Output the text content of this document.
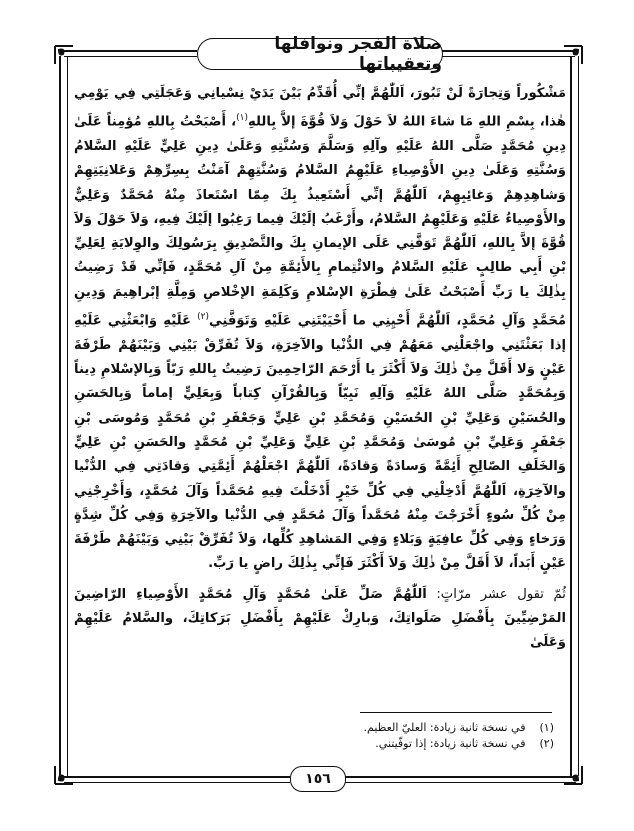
صلاة الفجر ونوافلها وتعقيباتها

مَشْكُوراً وَتِجارَةً لَنْ تَبُورَ، اَللّٰهُمَّ إنِّي أُقَدِّمُ بَيْنَ يَدَيْ نِسْيانِي وَعَجَلَتِي فِي يَوْمِي هٰذا، بِسْمِ اللهِ مَا شاءَ اللهُ لاَ حَوْلَ وَلاَ قُوَّةَ إلاَّ بِاللهِ$^{(١)}$، أَصْبَحْتُ بِاللهِ مُؤمِناً عَلَىٰ دِينِ مُحَمَّدٍ صَلَّى اللهُ عَلَيْهِ وآلِهِ وَسَلَّمَ وَسُنَّتِهِ وَعَلَىٰ دِينِ عَلِيٍّ عَلَيْهِ السَّلامُ وَسُنَّتِهِ وَعَلَىٰ دِينِ الأَوْصِياءِ عَلَيْهِمُ السَّلامُ وَسُنَّتِهِمْ آمَنْتُ بِسِرِّهِمْ وَعَلانِيَتِهِمْ وَشاهِدِهِمْ وَغائِبِهِمْ، اَللّٰهُمَّ إنِّي أَسْتَعِيذُ بِكَ مِمّا اسْتَعاذَ مِنْهُ مُحَمَّدٌ وَعَلِيٌّ والأَوْصِياءُ عَلَيْهِ وَعَلَيْهِمُ السَّلامُ، وأَرْغَبُ إلَيْكَ فِيما رَغِبُوا إلَيْكَ فِيهِ، وَلاَ حَوْلَ وَلاَ قُوَّةَ إلاَّ بِاللهِ، اَللّٰهُمَّ تَوَفَّنِي عَلَى الإيمانِ بِكَ والتَّصْدِيقِ بِرَسُولِكَ والوِلايَةِ لِعَلِيِّ بْنِ أَبِي طالِبٍ عَلَيْهِ السَّلامُ والائْتِمامِ بِالأَئِمَّةِ مِنْ آلِ مُحَمَّدٍ، فَإنِّي قَدْ رَضِيتُ بِذٰلِكَ يا رَبِّ أَصْبَحْتُ عَلَىٰ فِطْرَةِ الإسْلامِ وَكَلِمَةِ الإخْلاصِ وَمِلَّةِ إبْراهِيمَ وَدِينِ مُحَمَّدٍ وَآلِ مُحَمَّدٍ، اَللّٰهُمَّ أَحْيِنِي ما أَحْيَيْتَنِي عَلَيْهِ وَتَوَفَّنِي$^{(٢)}$ عَلَيْهِ وَابْعَثْنِي عَلَيْهِ إذا بَعَثْتَنِي واجْعَلْنِي مَعَهُمْ فِي الدُّنْيا والآخِرَةِ، وَلاَ تُفَرِّقْ بَيْنِي وَبَيْنَهُمْ طَرْفَةَ عَيْنٍ وَلا أَقَلَّ مِنْ ذٰلِكَ وَلاَ أَكْثَرَ يا أَرْحَمَ الرّاحِمِينَ رَضِيتُ بِاللهِ رَبّاً وَبِالإسْلامِ دِيناً وَبِمُحَمَّدٍ صَلَّى اللهُ عَلَيْهِ وَآلِهِ نَبِيّاً وَبِالقُرْآنِ كِتاباً وَبِعَلِيٍّ إماماً وَبِالحَسَنِ والحُسَيْنِ وَعَلِيِّ بْنِ الحُسَيْنِ وَمُحَمَّدِ بْنِ عَلِيٍّ وَجَعْفَرِ بْنِ مُحَمَّدٍ وَمُوسَى بْنِ جَعْفَرٍ وَعَلِيِّ بْنِ مُوسَىٰ وَمُحَمَّدِ بْنِ عَلِيٍّ وَعَلِيِّ بْنِ مُحَمَّدٍ والحَسَنِ بْنِ عَلِيٍّ وَالخَلَفِ الصّالِحِ أَئِمَّةً وَسادَةً وَقادَةً، اَللّٰهُمَّ اجْعَلْهُمْ أَئِمَّتِي وَقادَتِي فِي الدُّنْيا والآخِرَةِ، اَللّٰهُمَّ أَدْخِلْنِي فِي كُلِّ خَيْرٍ أَدْخَلْتَ فِيهِ مُحَمَّداً وَآلَ مُحَمَّدٍ، وَأَخْرِجْنِي مِنْ كُلِّ سُوءٍ أَخْرَجْتَ مِنْهُ مُحَمَّداً وَآلَ مُحَمَّدٍ فِي الدُّنْيا والآخِرَةِ وَفِي كُلِّ شِدَّةٍ وَرَخاءٍ وَفِي كُلِّ عافِيَةٍ وَبَلاءٍ وَفِي المَشاهِدِ كُلِّها، وَلاَ تُفَرِّقْ بَيْنِي وَبَيْنَهُمْ طَرْفَةَ عَيْنٍ أَبَداً، لاَ أَقَلَّ مِنْ ذٰلِكَ وَلاَ أَكْثَرَ فَإنِّي بِذٰلِكَ راضٍ يا رَبِّ.

ثُمّ تقول عشر مرّاتٍ: اَللّٰهُمَّ صَلِّ عَلَىٰ مُحَمَّدٍ وَآلِ مُحَمَّدٍ الأَوْصِياءِ الرّاضِينَ المَرْضِيِّينَ بِأَفْضَلِ صَلَواتِكَ، وَبارِكْ عَلَيْهِمْ بِأَفْضَلِ بَرَكاتِكَ، والسَّلامُ عَلَيْهِمْ وَعَلَىٰ

(١)
في نسخة ثانية زيادة: العليّ العظيم.
(٢)
في نسخة ثانية زيادة: إذا توفّيتني.
١٥٦
